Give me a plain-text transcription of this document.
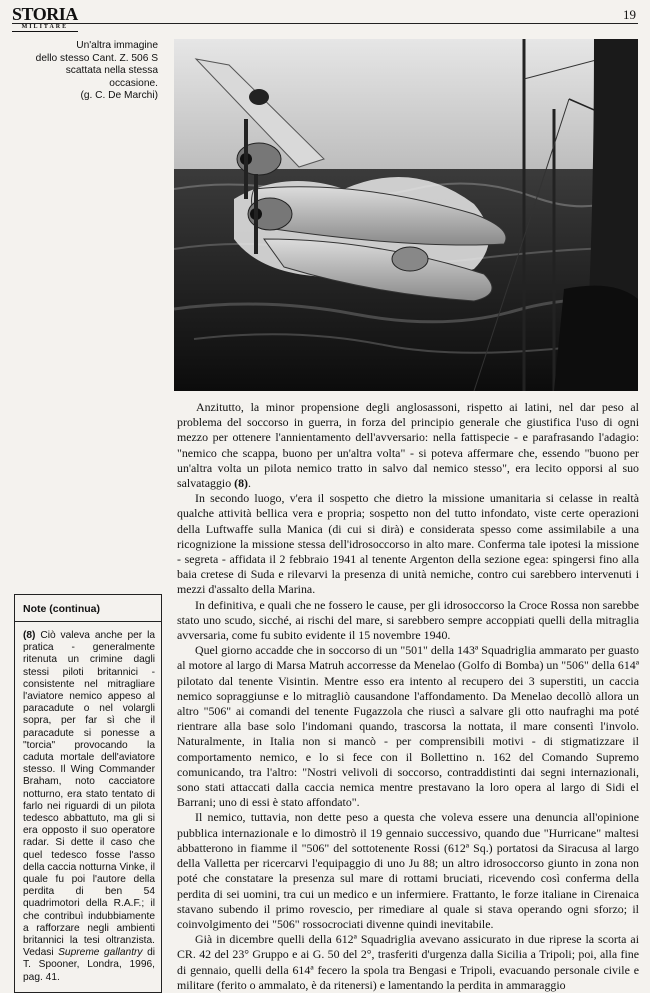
STORIA
MILITARE
19
Un'altra immagine
dello stesso Cant. Z. 506 S
scattata nella stessa occasione.
(g. C. De Marchi)

Anzitutto, la minor propensione degli anglosassoni, rispetto ai latini, nel dar peso al problema del soccorso in guerra, in forza del principio generale che giustifica l'uso di ogni mezzo per ottenere l'annientamento dell'avversario: nella fattispecie - e parafrasando l'adagio: "nemico che scappa, buono per un'altra volta" - si poteva affermare che, essendo "buono per un'altra volta un pilota nemico tratto in salvo dal nemico stesso", era lecito opporsi al suo salvataggio (8).

In secondo luogo, v'era il sospetto che dietro la missione umanitaria si celasse in realtà qualche attività bellica vera e propria; sospetto non del tutto infondato, viste certe operazioni della Luftwaffe sulla Manica (di cui si dirà) e considerata spesso come assimilabile a una ricognizione la missione stessa dell'idrosoccorso in alto mare. Conferma tale ipotesi la missione - segreta - affidata il 2 febbraio 1941 al tenente Argenton della sezione egea: spingersi fino alla baia cretese di Suda e rilevarvi la presenza di unità nemiche, contro cui sarebbero intervenuti i mezzi d'assalto della Marina.

In definitiva, e quali che ne fossero le cause, per gli idrosoccorso la Croce Rossa non sarebbe stato uno scudo, sicché, ai rischi del mare, si sarebbero sempre accoppiati quelli della mitraglia avversaria, come fu subito evidente il 15 novembre 1940.

Quel giorno accadde che in soccorso di un "501" della 143ª Squadriglia ammarato per guasto al motore al largo di Marsa Matruh accorresse da Menelao (Golfo di Bomba) un "506" della 614ª pilotato dal tenente Visintin. Mentre esso era intento al recupero dei 3 superstiti, un caccia nemico sopraggiunse e lo mitragliò causandone l'affondamento. Da Menelao decollò allora un altro "506" ai comandi del tenente Fugazzola che riuscì a salvare gli otto naufraghi ma poté rientrare alla base solo l'indomani quando, trascorsa la nottata, il mare consentì l'involo. Naturalmente, in Italia non si mancò - per comprensibili motivi - di stigmatizzare il comportamento nemico, e lo si fece con il Bollettino n. 162 del Comando Supremo comunicando, tra l'altro: "Nostri velivoli di soccorso, contraddistinti dai segni internazionali, sono stati attaccati dalla caccia nemica mentre prestavano la loro opera al largo di Sidi el Barrani; uno di essi è stato affondato".

Il nemico, tuttavia, non dette peso a questa che voleva essere una denuncia all'opinione pubblica internazionale e lo dimostrò il 19 gennaio successivo, quando due "Hurricane" maltesi abbatterono in fiamme il "506" del sottotenente Rossi (612ª Sq.) portatosi da Siracusa al largo della Valletta per ricercarvi l'equipaggio di uno Ju 88; un altro idrosoccorso giunto in zona non poté che constatare la presenza sul mare di rottami bruciati, ricevendo così conferma della perdita di sei uomini, tra cui un medico e un infermiere. Frattanto, le forze italiane in Cirenaica stavano subendo il primo rovescio, per rimediare al quale si stava operando ogni sforzo; il coinvolgimento dei "506" rossocrociati divenne quindi inevitabile.

Già in dicembre quelli della 612ª Squadriglia avevano assicurato in due riprese la scorta ai CR. 42 del 23° Gruppo e ai G. 50 del 2°, trasferiti d'urgenza dalla Sicilia a Tripoli; poi, alla fine di gennaio, quelli della 614ª fecero la spola tra Bengasi e Tripoli, evacuando personale civile e militare (ferito o ammalato, è da ritenersi) e lamentando la perdita in ammaraggio

Note (continua)
(8) Ciò valeva anche per la pratica - generalmente ritenuta un crimine dagli stessi piloti britannici - consistente nel mitragliare l'aviatore nemico appeso al paracadute o nel volargli sopra, per far sì che il paracadute si ponesse a "torcia" provocando la caduta mortale dell'aviatore stesso. Il Wing Commander Braham, noto cacciatore notturno, era stato tentato di farlo nei riguardi di un pilota tedesco abbattuto, ma gli si era opposto il suo operatore radar. Si dette il caso che quel tedesco fosse l'asso della caccia notturna Vinke, il quale fu poi l'autore della perdita di ben 54 quadrimotori della R.A.F.; il che contribuì indubbiamente a rafforzare negli ambienti britannici la tesi oltranzista. Vedasi Supreme gallantry di T. Spooner, Londra, 1996, pag. 41.
